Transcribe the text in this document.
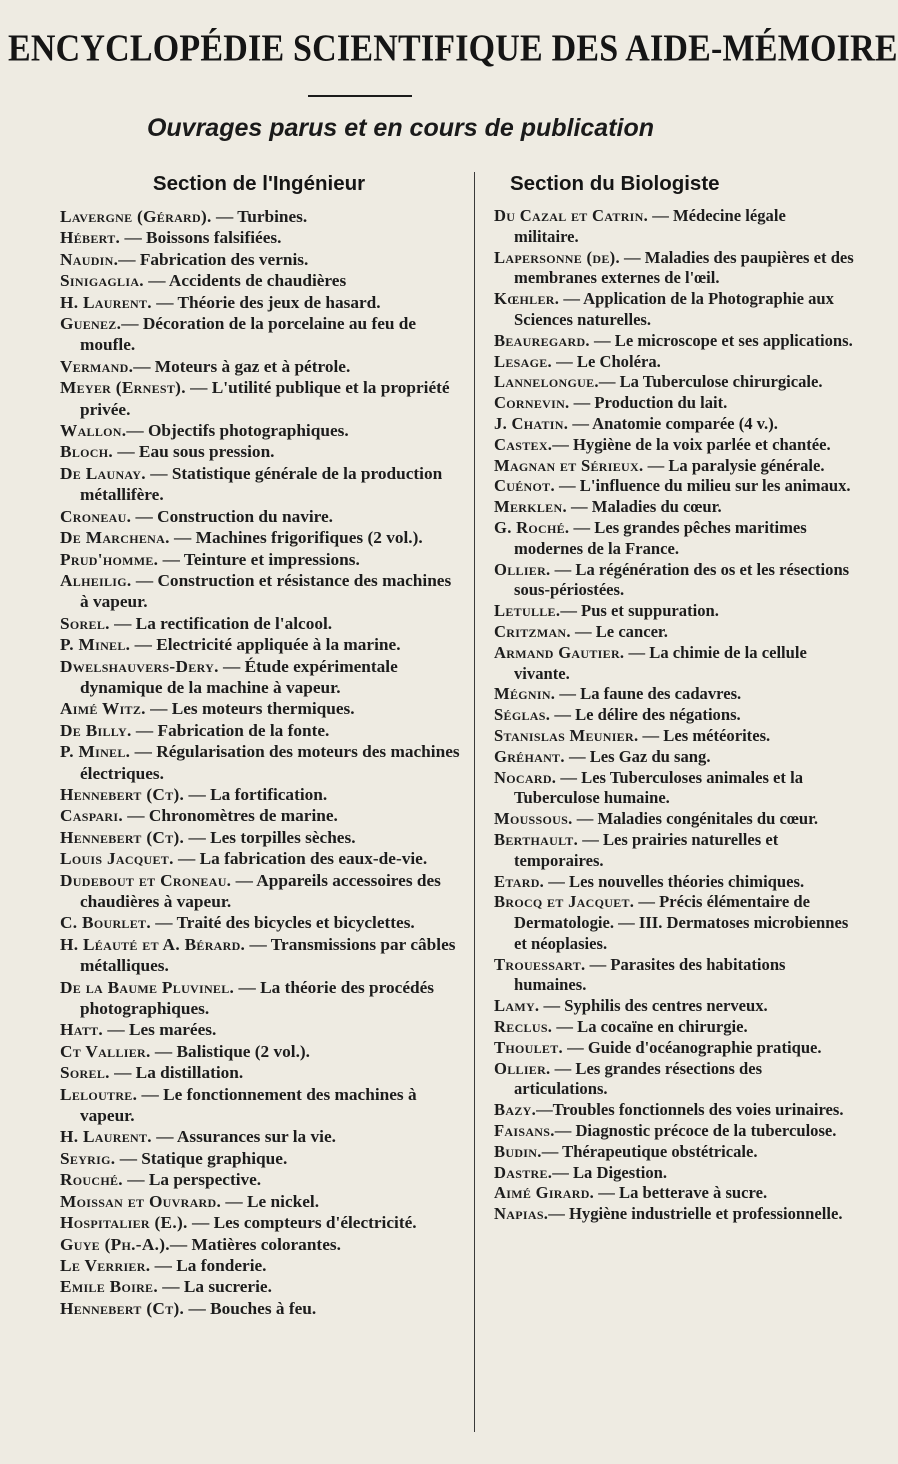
ENCYCLOPÉDIE SCIENTIFIQUE DES AIDE-MÉMOIRE
Ouvrages parus et en cours de publication
Section de l'Ingénieur

Lavergne (Gérard). — Turbines.

Hébert. — Boissons falsifiées.

Naudin.— Fabrication des vernis.

Sinigaglia. — Accidents de chaudières

H. Laurent. — Théorie des jeux de hasard.

Guenez.— Décoration de la porcelaine au feu de moufle.

Vermand.— Moteurs à gaz et à pétrole.

Meyer (Ernest). — L'utilité publique et la propriété privée.

Wallon.— Objectifs photographiques.

Bloch. — Eau sous pression.

De Launay. — Statistique générale de la production métallifère.

Croneau. — Construction du navire.

De Marchena. — Machines frigorifiques (2 vol.).

Prud'homme. — Teinture et impressions.

Alheilig. — Construction et résistance des machines à vapeur.

Sorel. — La rectification de l'alcool.

P. Minel. — Electricité appliquée à la marine.

Dwelshauvers-Dery. — Étude expérimentale dynamique de la machine à vapeur.

Aimé Witz. — Les moteurs thermiques.

De Billy. — Fabrication de la fonte.

P. Minel. — Régularisation des moteurs des machines électriques.

Hennebert (Ct). — La fortification.

Caspari. — Chronomètres de marine.

Hennebert (Ct). — Les torpilles sèches.

Louis Jacquet. — La fabrication des eaux-de-vie.

Dudebout et Croneau. — Appareils accessoires des chaudières à vapeur.

C. Bourlet. — Traité des bicycles et bicyclettes.

H. Léauté et A. Bérard. — Transmissions par câbles métalliques.

De la Baume Pluvinel. — La théorie des procédés photographiques.

Hatt. — Les marées.

Ct Vallier. — Balistique (2 vol.).

Sorel. — La distillation.

Leloutre. — Le fonctionnement des machines à vapeur.

H. Laurent. — Assurances sur la vie.

Seyrig. — Statique graphique.

Rouché. — La perspective.

Moissan et Ouvrard. — Le nickel.

Hospitalier (E.). — Les compteurs d'électricité.

Guye (Ph.-A.).— Matières colorantes.

Le Verrier. — La fonderie.

Emile Boire. — La sucrerie.

Hennebert (Ct). — Bouches à feu.

Section du Biologiste

Du Cazal et Catrin. — Médecine légale militaire.

Lapersonne (de). — Maladies des paupières et des membranes externes de l'œil.

Kœhler. — Application de la Photographie aux Sciences naturelles.

Beauregard. — Le microscope et ses applications.

Lesage. — Le Choléra.

Lannelongue.— La Tuberculose chirurgicale.

Cornevin. — Production du lait.

J. Chatin. — Anatomie comparée (4 v.).

Castex.— Hygiène de la voix parlée et chantée.

Magnan et Sérieux. — La paralysie générale.

Cuénot. — L'influence du milieu sur les animaux.

Merklen. — Maladies du cœur.

G. Roché. — Les grandes pêches maritimes modernes de la France.

Ollier. — La régénération des os et les résections sous-périostées.

Letulle.— Pus et suppuration.

Critzman. — Le cancer.

Armand Gautier. — La chimie de la cellule vivante.

Mégnin. — La faune des cadavres.

Séglas. — Le délire des négations.

Stanislas Meunier. — Les météorites.

Gréhant. — Les Gaz du sang.

Nocard. — Les Tuberculoses animales et la Tuberculose humaine.

Moussous. — Maladies congénitales du cœur.

Berthault. — Les prairies naturelles et temporaires.

Etard. — Les nouvelles théories chimiques.

Brocq et Jacquet. — Précis élémentaire de Dermatologie. — III. Dermatoses microbiennes et néoplasies.

Trouessart. — Parasites des habitations humaines.

Lamy. — Syphilis des centres nerveux.

Reclus. — La cocaïne en chirurgie.

Thoulet. — Guide d'océanographie pratique.

Ollier. — Les grandes résections des articulations.

Bazy.—Troubles fonctionnels des voies urinaires.

Faisans.— Diagnostic précoce de la tuberculose.

Budin.— Thérapeutique obstétricale.

Dastre.— La Digestion.

Aimé Girard. — La betterave à sucre.

Napias.— Hygiène industrielle et professionnelle.
